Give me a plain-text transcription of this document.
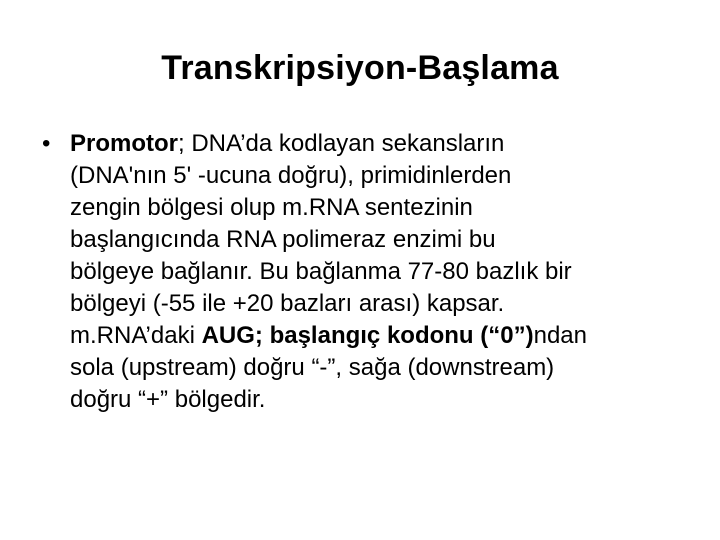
Transkripsiyon-Başlama
• Promotor; DNA’da kodlayan sekansların
(DNA'nın 5' -ucuna doğru), primidinlerden
zengin bölgesi olup m.RNA sentezinin
başlangıcında RNA polimeraz enzimi bu
bölgeye bağlanır. Bu bağlanma 77-80 bazlık bir
bölgeyi (-55 ile +20 bazları arası) kapsar.
m.RNA’daki AUG; başlangıç kodonu (“0”)ndan
sola (upstream) doğru “-”, sağa (downstream)
doğru “+” bölgedir.
